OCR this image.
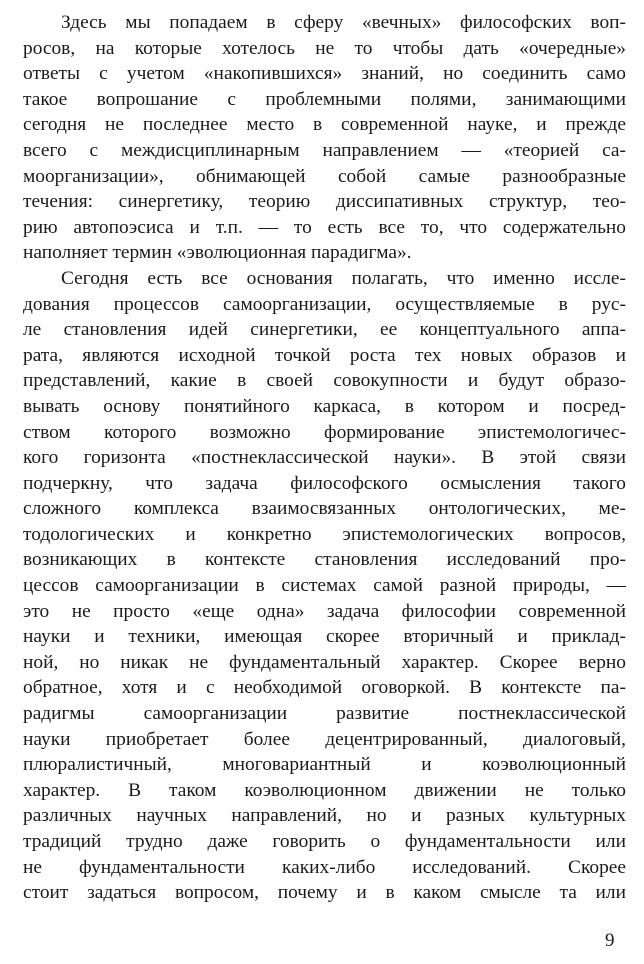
Здесь мы попадаем в сферу «вечных» философских воп-
росов, на которые хотелось не то чтобы дать «очередные»
ответы с учетом «накопившихся» знаний, но соединить само
такое вопрошание с проблемными полями, занимающими
сегодня не последнее место в современной науке, и прежде
всего с междисциплинарным направлением — «теорией са-
моорганизации», обнимающей собой самые разнообразные
течения: синергетику, теорию диссипативных структур, тео-
рию автопоэсиса и т.п. — то есть все то, что содержательно
наполняет термин «эволюционная парадигма».
Сегодня есть все основания полагать, что именно иссле-
дования процессов самоорганизации, осуществляемые в рус-
ле становления идей синергетики, ее концептуального аппа-
рата, являются исходной точкой роста тех новых образов и
представлений, какие в своей совокупности и будут образо-
вывать основу понятийного каркаса, в котором и посред-
ством которого возможно формирование эпистемологичес-
кого горизонта «постнеклассической науки». В этой связи
подчеркну, что задача философского осмысления такого
сложного комплекса взаимосвязанных онтологических, ме-
тодологических и конкретно эпистемологических вопросов,
возникающих в контексте становления исследований про-
цессов самоорганизации в системах самой разной природы, —
это не просто «еще одна» задача философии современной
науки и техники, имеющая скорее вторичный и приклад-
ной, но никак не фундаментальный характер. Скорее верно
обратное, хотя и с необходимой оговоркой. В контексте па-
радигмы самоорганизации развитие постнеклассической
науки приобретает более децентрированный, диалоговый,
плюралистичный, многовариантный и коэволюционный
характер. В таком коэволюционном движении не только
различных научных направлений, но и разных культурных
традиций трудно даже говорить о фундаментальности или
не фундаментальности каких-либо исследований. Скорее
стоит задаться вопросом, почему и в каком смысле та или
9
